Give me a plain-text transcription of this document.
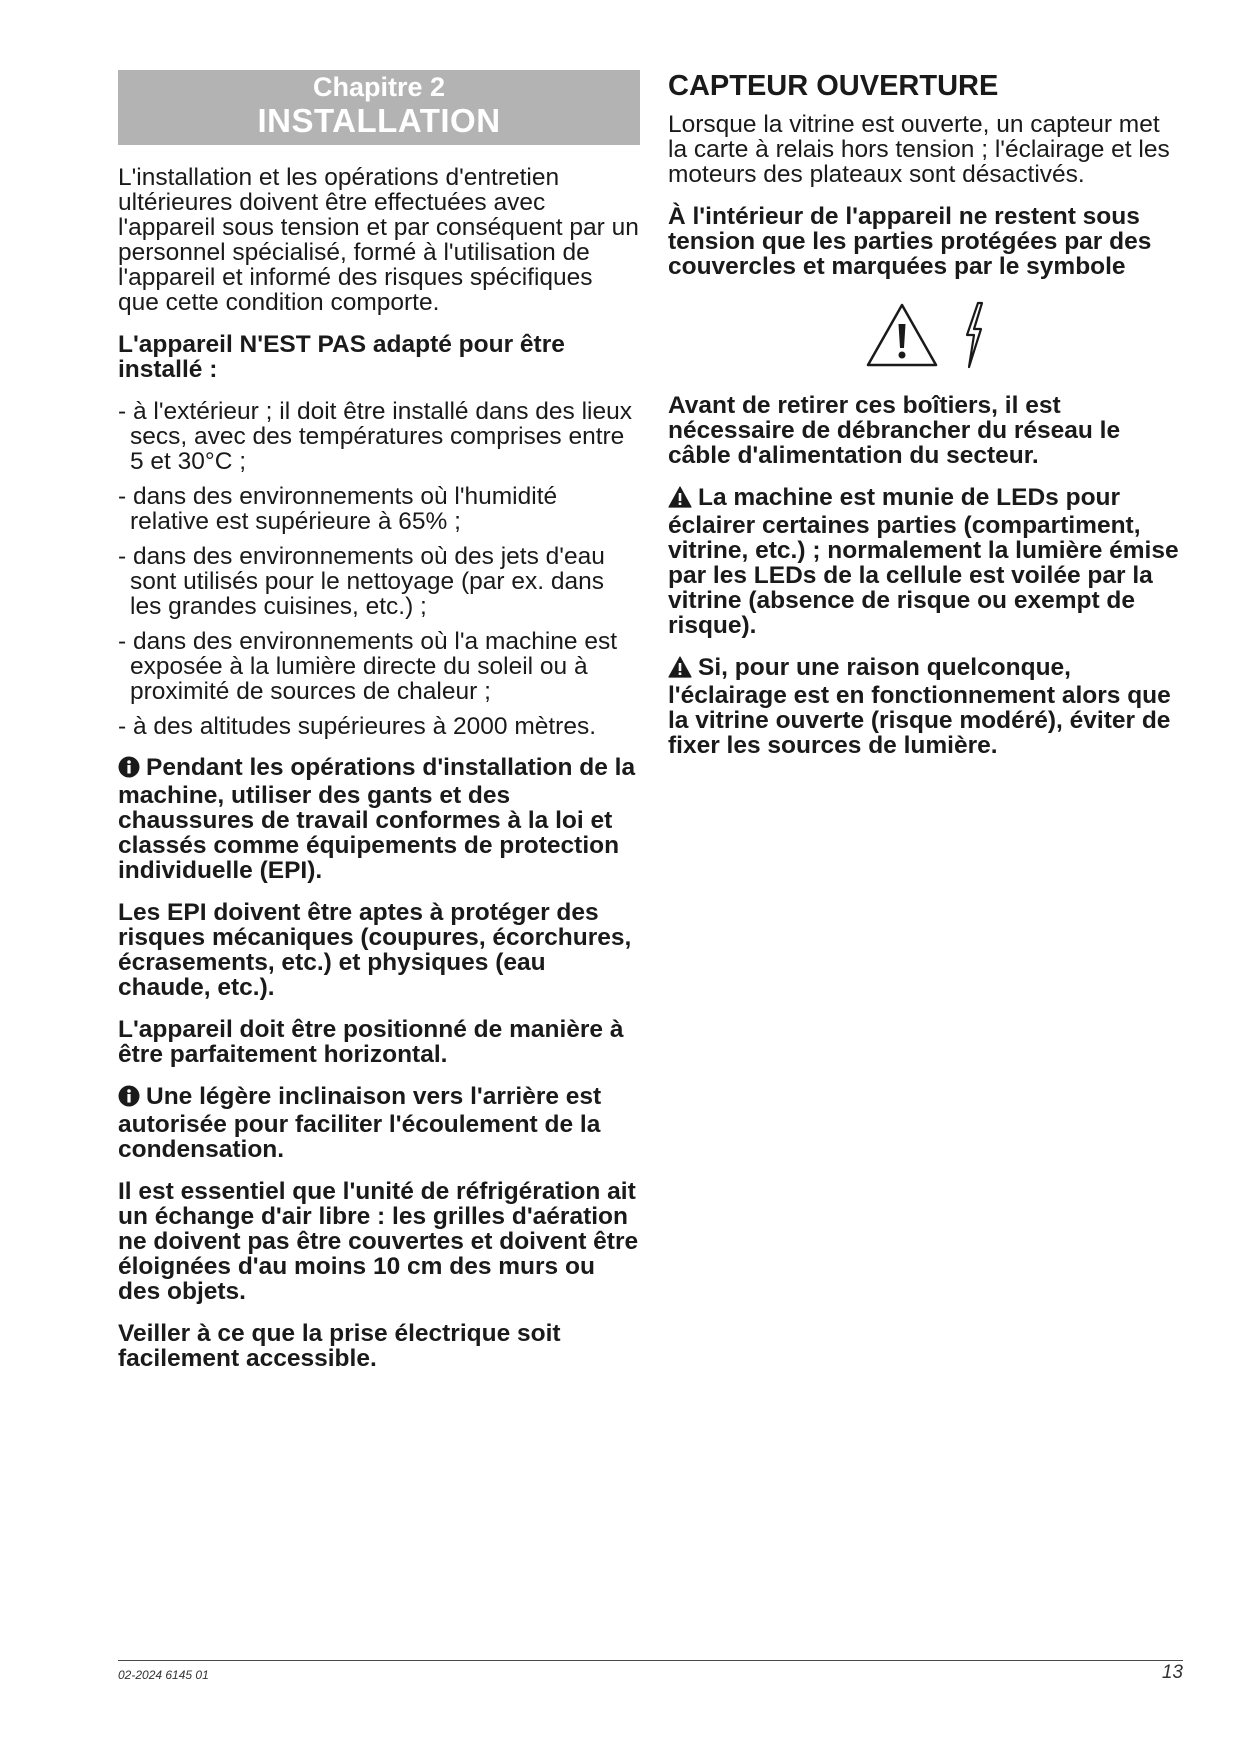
Chapitre 2
INSTALLATION

L'installation et les opérations d'entretien ultérieures doivent être effectuées avec l'appareil sous tension et par conséquent par un personnel spécialisé, formé à l'utilisation de l'appareil et informé des risques spécifiques que cette condition comporte.

L'appareil N'EST PAS adapté pour être installé :

- à l'extérieur ; il doit être installé dans des lieux secs, avec des températures comprises entre 5 et 30°C ;

- dans des environnements où l'humidité relative est supérieure à 65% ;

- dans des environnements où des jets d'eau sont utilisés pour le nettoyage (par ex. dans les grandes cuisines, etc.) ;

- dans des environnements où l'a machine est exposée à la lumière directe du soleil ou à proximité de sources de chaleur ;

- à des altitudes supérieures à 2000 mètres.

Pendant les opérations d'installation de la machine, utiliser des gants et des chaussures de travail conformes à la loi et classés comme équipements de protection individuelle (EPI).

Les EPI doivent être aptes à protéger des risques mécaniques (coupures, écorchures, écrasements, etc.) et physiques (eau chaude, etc.).

L'appareil doit être positionné de manière à être parfaitement horizontal.

Une légère inclinaison vers l'arrière est autorisée pour faciliter l'écoulement de la condensation.

Il est essentiel que l'unité de réfrigération ait un échange d'air libre : les grilles d'aération ne doivent pas être couvertes et doivent être éloignées d'au moins 10 cm des murs ou des objets.

Veiller à ce que la prise électrique soit facilement accessible.

CAPTEUR OUVERTURE

Lorsque la vitrine est ouverte, un capteur met la carte à relais hors tension ; l'éclairage et les moteurs des plateaux sont désactivés.

À l'intérieur de l'appareil ne restent sous tension que les parties protégées par des couvercles et marquées par le symbole

Avant de retirer ces boîtiers, il est nécessaire de débrancher du réseau le câble d'alimentation du secteur.

La machine est munie de LEDs pour éclairer certaines parties (compartiment, vitrine, etc.) ; normalement la lumière émise par les LEDs de la cellule est voilée par la vitrine (absence de risque ou exempt de risque).

Si, pour une raison quelconque, l'éclairage est en fonctionnement alors que la vitrine ouverte (risque modéré), éviter de fixer les sources de lumière.

02-2024 6145 01	13
